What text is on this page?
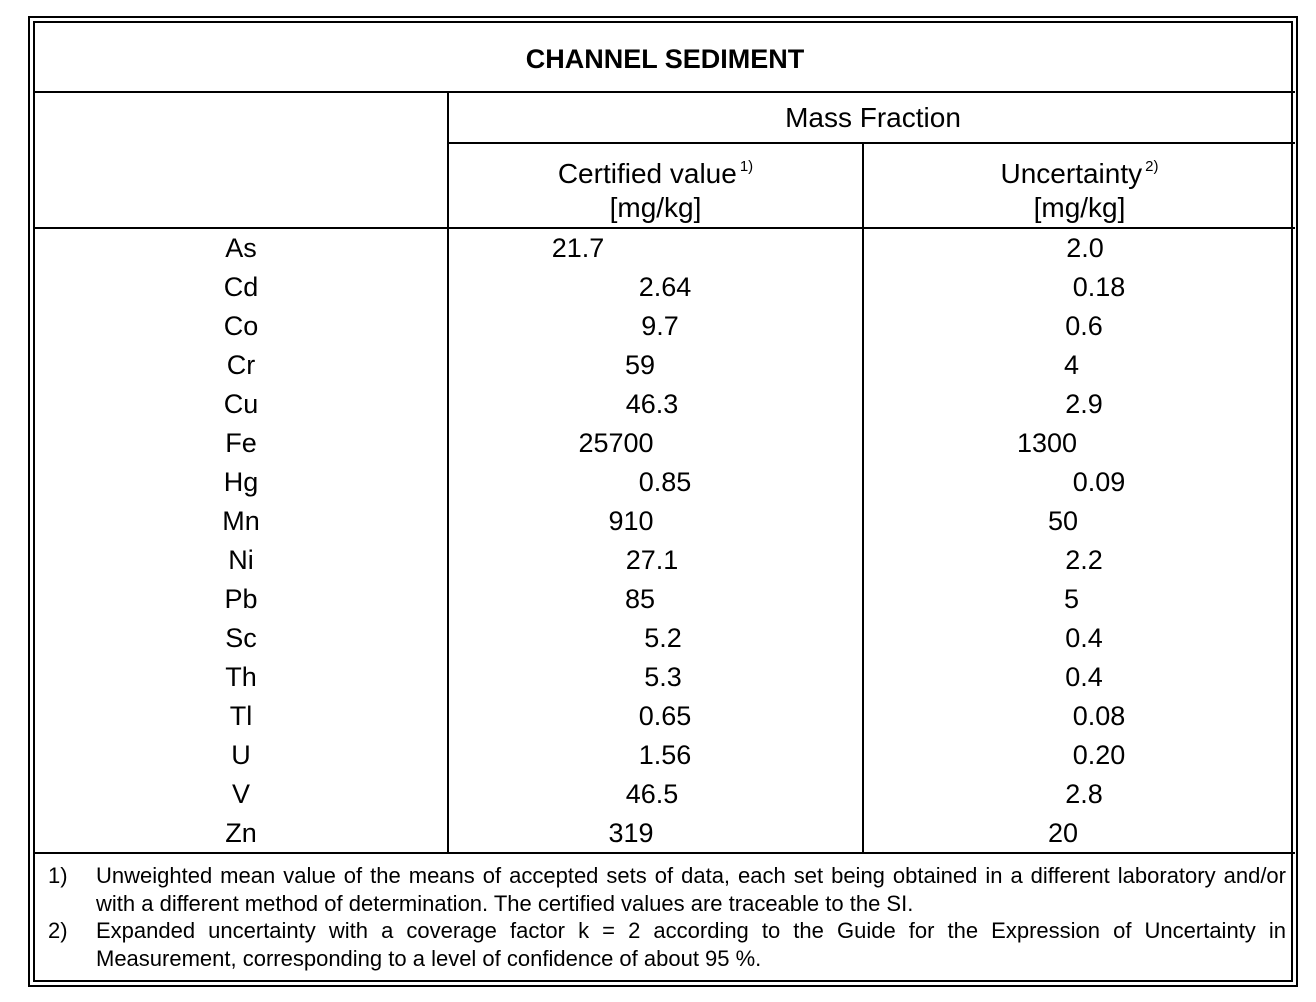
CHANNEL SEDIMENT
Mass Fraction
Certified value $^{1)}$
[mg/kg]
Uncertainty $^{2)}$
[mg/kg]
As	21.7	2.0
Cd	2.64	0.18
Co	9.7	0.6
Cr	59	4
Cu	46.3	2.9
Fe	25700	1300
Hg	0.85	0.09
Mn	910	50
Ni	27.1	2.2
Pb	85	5
Sc	5.2	0.4
Th	5.3	0.4
Tl	0.65	0.08
U	1.56	0.20
V	46.5	2.8
Zn	319	20
1) Unweighted mean value of the means of accepted sets of data, each set being obtained in a different laboratory and/or with a different method of determination. The certified values are traceable to the SI.
2) Expanded uncertainty with a coverage factor k = 2 according to the Guide for the Expression of Uncertainty in Measurement, corresponding to a level of confidence of about 95 %.
